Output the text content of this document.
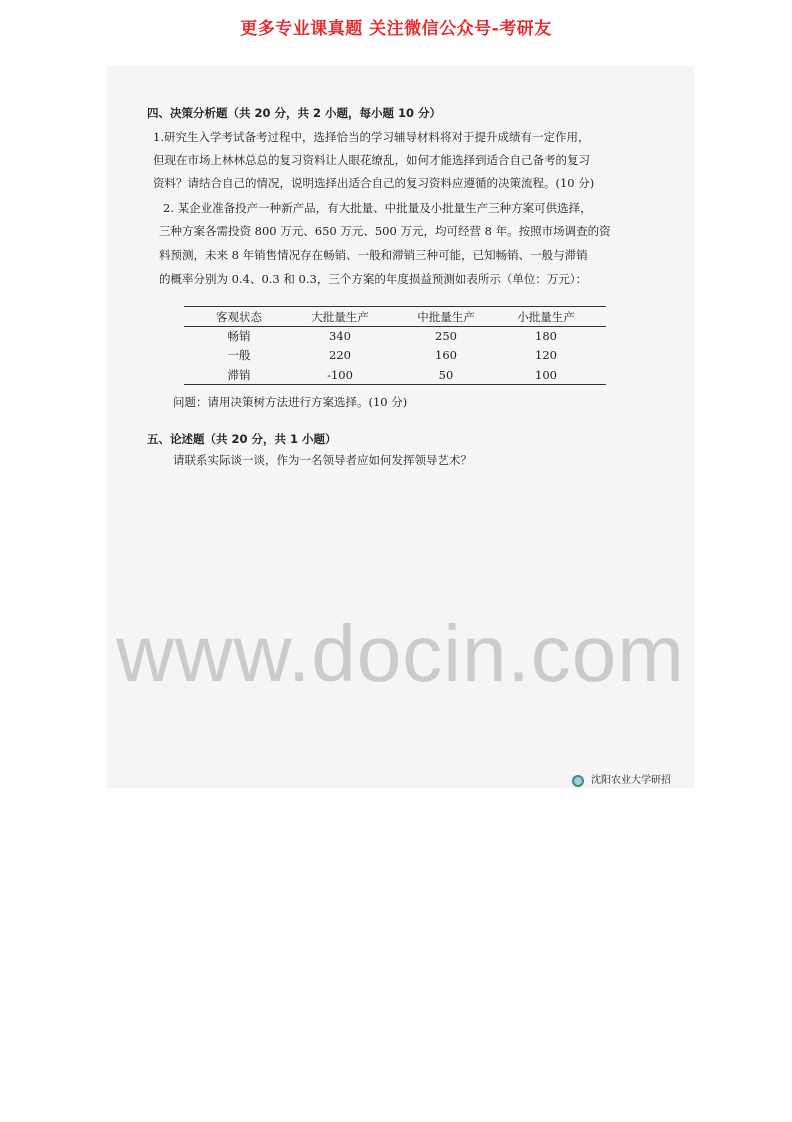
更多专业课真题 关注微信公众号-考研友
四、决策分析题（共 20 分，共 2 小题，每小题 10 分）
1.研究生入学考试备考过程中，选择恰当的学习辅导材料将对于提升成绩有一定作用，
但现在市场上林林总总的复习资料让人眼花缭乱，如何才能选择到适合自己备考的复习
资料？请结合自己的情况，说明选择出适合自己的复习资料应遵循的决策流程。(10 分)
2. 某企业准备投产一种新产品，有大批量、中批量及小批量生产三种方案可供选择，
三种方案各需投资 800 万元、650 万元、500 万元，均可经营 8 年。按照市场调查的资
料预测，未来 8 年销售情况存在畅销、一般和滞销三种可能，已知畅销、一般与滞销
的概率分别为 0.4、0.3 和 0.3，三个方案的年度损益预测如表所示（单位：万元）：
客观状态	大批量生产	中批量生产	小批量生产
畅销	340	250	180
一般	220	160	120
滞销	-100	50	100
问题：请用决策树方法进行方案选择。(10 分)
五、论述题（共 20 分，共 1 小题）
请联系实际谈一谈，作为一名领导者应如何发挥领导艺术？
www.docin.com
沈阳农业大学研招
